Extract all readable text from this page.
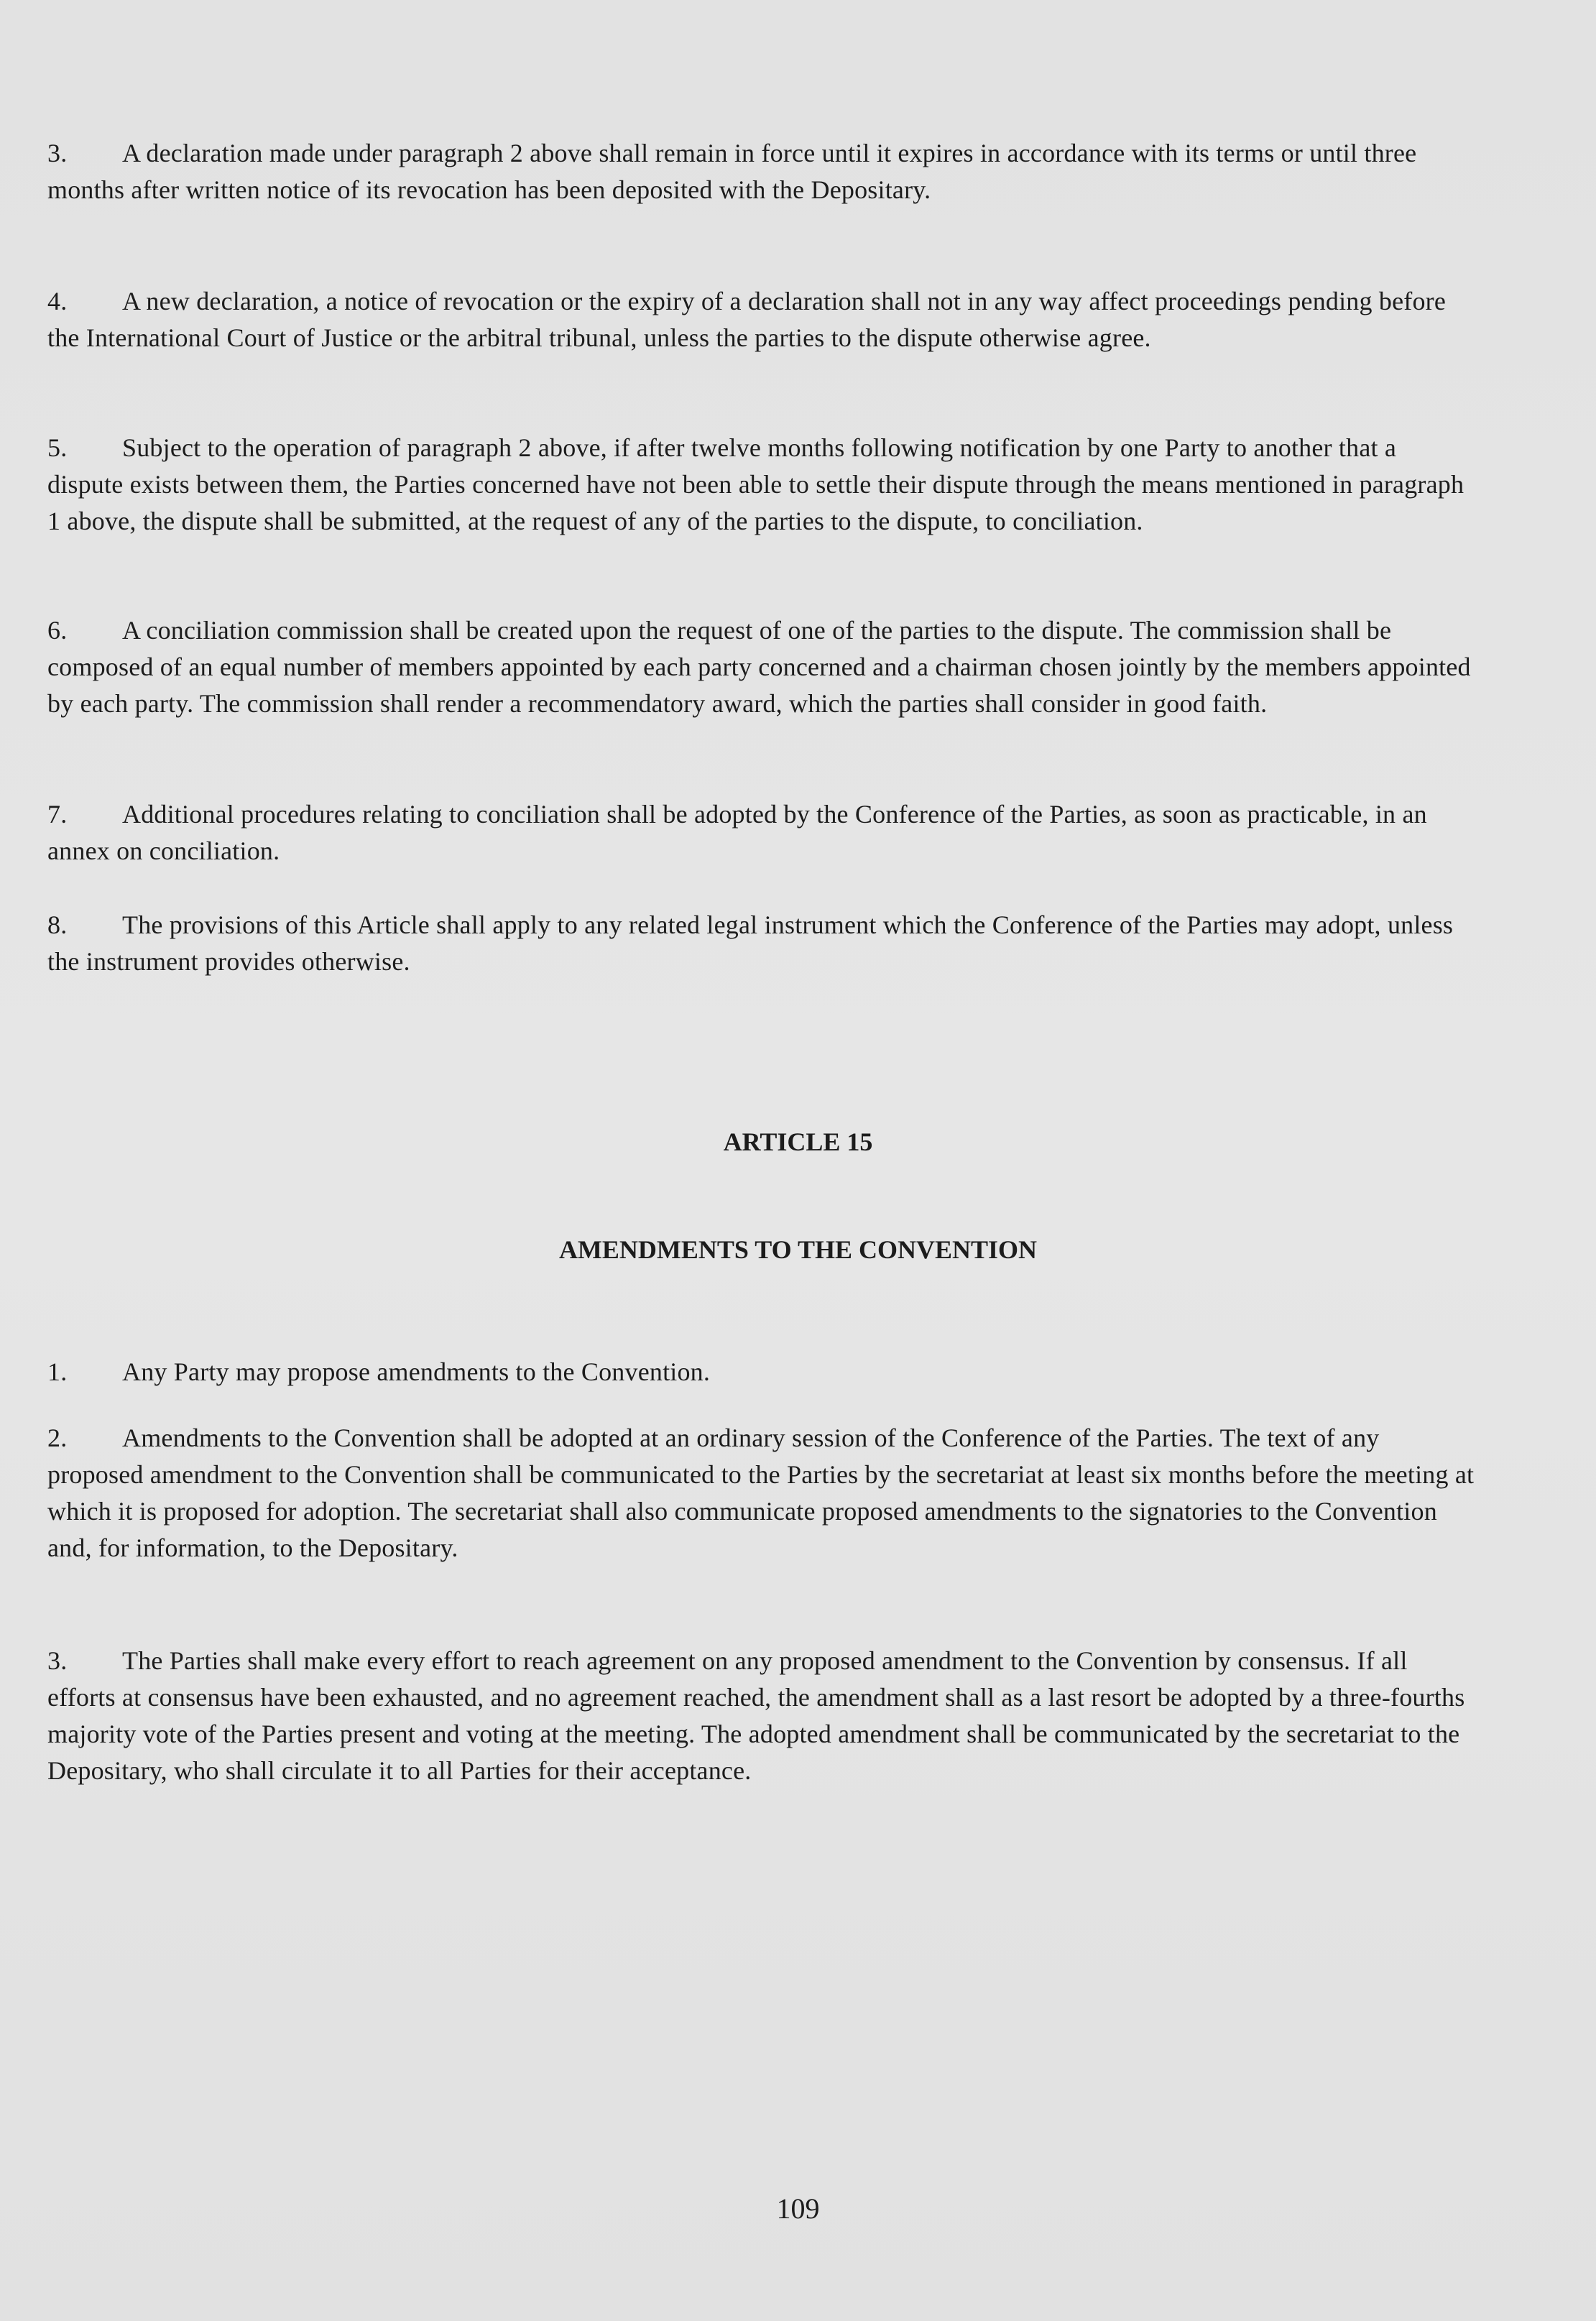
3. A declaration made under paragraph 2 above shall remain in force until it expires in accordance with its terms or until three months after written notice of its revocation has been deposited with the Depositary.

4. A new declaration, a notice of revocation or the expiry of a declaration shall not in any way affect proceedings pending before the International Court of Justice or the arbitral tribunal, unless the parties to the dispute otherwise agree.

5. Subject to the operation of paragraph 2 above, if after twelve months following notification by one Party to another that a dispute exists between them, the Parties concerned have not been able to settle their dispute through the means mentioned in paragraph 1 above, the dispute shall be submitted, at the request of any of the parties to the dispute, to conciliation.

6. A conciliation commission shall be created upon the request of one of the parties to the dispute. The commission shall be composed of an equal number of members appointed by each party concerned and a chairman chosen jointly by the members appointed by each party. The commission shall render a recommendatory award, which the parties shall consider in good faith.

7. Additional procedures relating to conciliation shall be adopted by the Conference of the Parties, as soon as practicable, in an annex on conciliation.

8. The provisions of this Article shall apply to any related legal instrument which the Conference of the Parties may adopt, unless the instrument provides otherwise.

ARTICLE 15
AMENDMENTS TO THE CONVENTION

1. Any Party may propose amendments to the Convention.

2. Amendments to the Convention shall be adopted at an ordinary session of the Conference of the Parties. The text of any proposed amendment to the Convention shall be communicated to the Parties by the secretariat at least six months before the meeting at which it is proposed for adoption. The secretariat shall also communicate proposed amendments to the signatories to the Convention and, for information, to the Depositary.

3. The Parties shall make every effort to reach agreement on any proposed amendment to the Convention by consensus. If all efforts at consensus have been exhausted, and no agreement reached, the amendment shall as a last resort be adopted by a three-fourths majority vote of the Parties present and voting at the meeting. The adopted amendment shall be communicated by the secretariat to the Depositary, who shall circulate it to all Parties for their acceptance.

109
